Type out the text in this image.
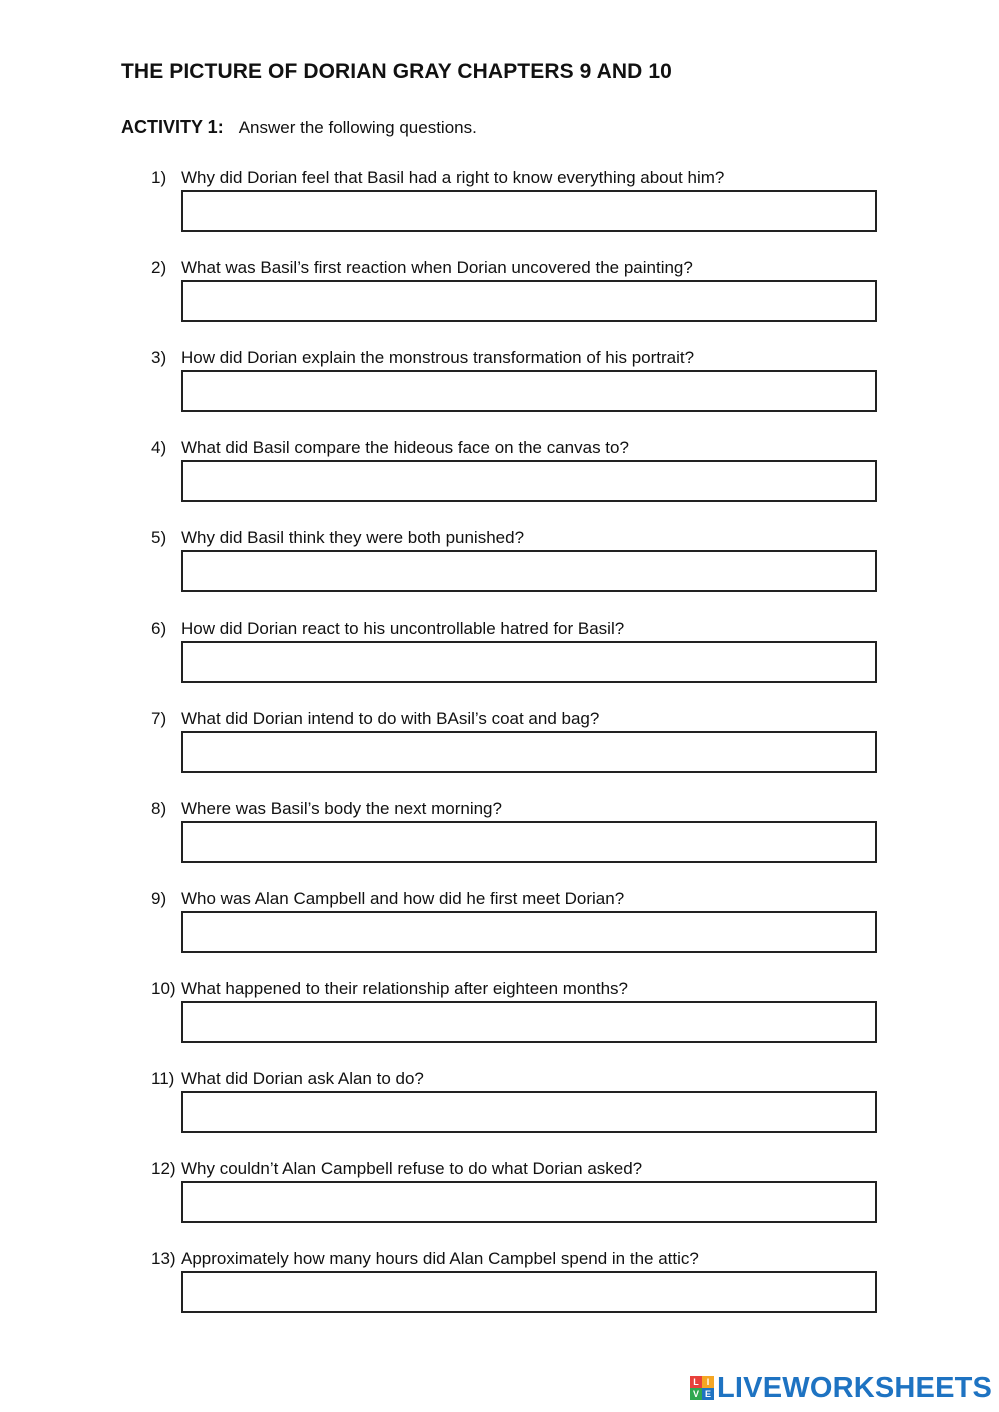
THE PICTURE OF DORIAN GRAY CHAPTERS 9 AND 10
ACTIVITY 1: Answer the following questions.
1) Why did Dorian feel that Basil had a right to know everything about him?
2) What was Basil’s first reaction when Dorian uncovered the painting?
3) How did Dorian explain the monstrous transformation of his portrait?
4) What did Basil compare the hideous face on the canvas to?
5) Why did Basil think they were both punished?
6) How did Dorian react to his uncontrollable hatred for Basil?
7) What did Dorian intend to do with BAsil’s coat and bag?
8) Where was Basil’s body the next morning?
9) Who was Alan Campbell and how did he first meet Dorian?
10) What happened to their relationship after eighteen months?
11) What did Dorian ask Alan to do?
12) Why couldn’t Alan Campbell refuse to do what Dorian asked?
13) Approximately how many hours did Alan Campbel spend in the attic?
L I
V E LIVEWORKSHEETS
